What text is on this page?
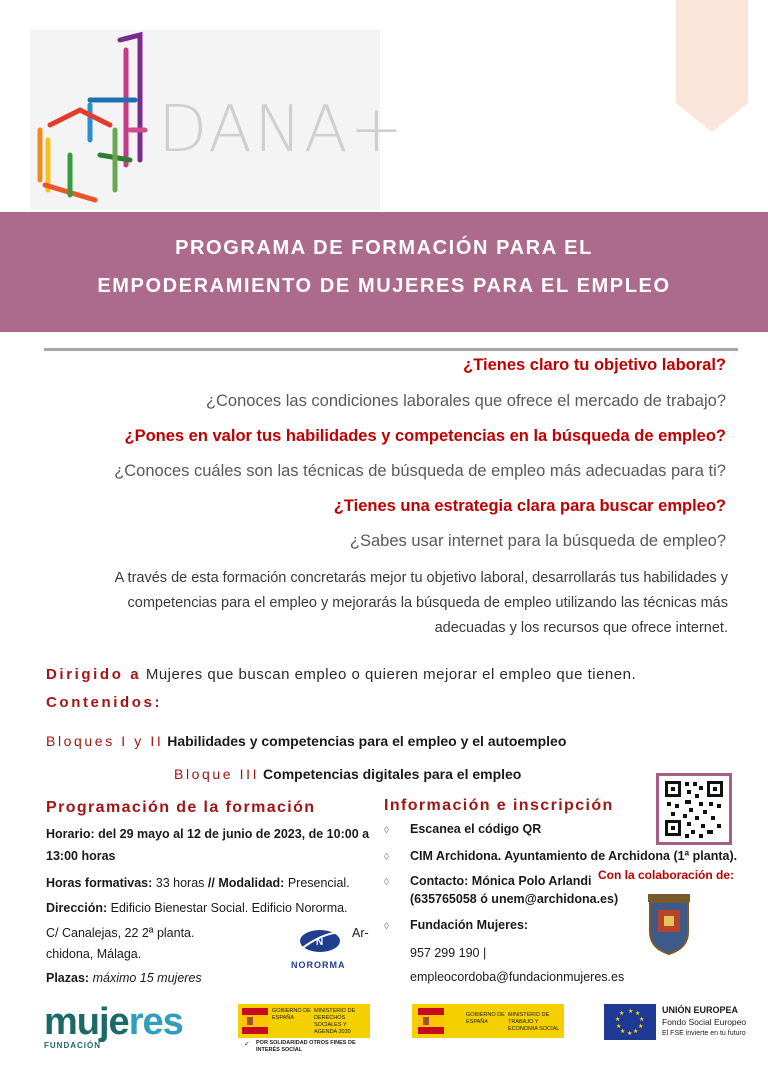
DANA+
PROGRAMA DE FORMACIÓN PARA EL
EMPODERAMIENTO DE MUJERES PARA EL EMPLEO
¿Tienes claro tu objetivo laboral?
¿Conoces las condiciones laborales que ofrece el mercado de trabajo?
¿Pones en valor tus habilidades y competencias en la búsqueda de empleo?
¿Conoces cuáles son las técnicas de búsqueda de empleo más adecuadas para ti?
¿Tienes una estrategia clara para buscar empleo?
¿Sabes usar internet para la búsqueda de empleo?
A través de esta formación concretarás mejor tu objetivo laboral, desarrollarás tus habilidades y
competencias para el empleo y mejorarás la búsqueda de empleo utilizando las técnicas más
adecuadas y los recursos que ofrece internet.
Dirigido a Mujeres que buscan empleo o quieren mejorar el empleo que tienen.
Contenidos:
Bloques I y II Habilidades y competencias para el empleo y el autoempleo
Bloque III Competencias digitales para el empleo
Programación de la formación
Horario: del 29 mayo al 12 de junio de 2023, de 10:00 a
13:00 horas
Horas formativas: 33 horas // Modalidad: Presencial.
Dirección: Edificio Bienestar Social. Edificio Nororma.
C/ Canalejas, 22 2ª planta.	Ar-
chidona, Málaga.
Plazas: máximo 15 mujeres
N
NORORMA
Información e inscripción
◊ Escanea el código QR
◊ CIM Archidona. Ayuntamiento de Archidona (1ª planta).
◊ Contacto: Mónica Polo Arlandi
(635765058 ó unem@archidona.es)
◊ Fundación Mujeres:
957 299 190 |
empleocordoba@fundacionmujeres.es
Con la colaboración de:
mujeres
FUNDACIÓN
GOBIERNO DE ESPAÑA
MINISTERIO DE DERECHOS SOCIALES Y AGENDA 2030
✓ POR SOLIDARIDAD OTROS FINES DE INTERÉS SOCIAL
GOBIERNO DE ESPAÑA
MINISTERIO DE TRABAJO Y ECONOMÍA SOCIAL
★ ★
★
★
★
★
★
★
★
★	UNIÓN EUROPEA
Fondo Social Europeo
El FSE invierte en tu futuro
